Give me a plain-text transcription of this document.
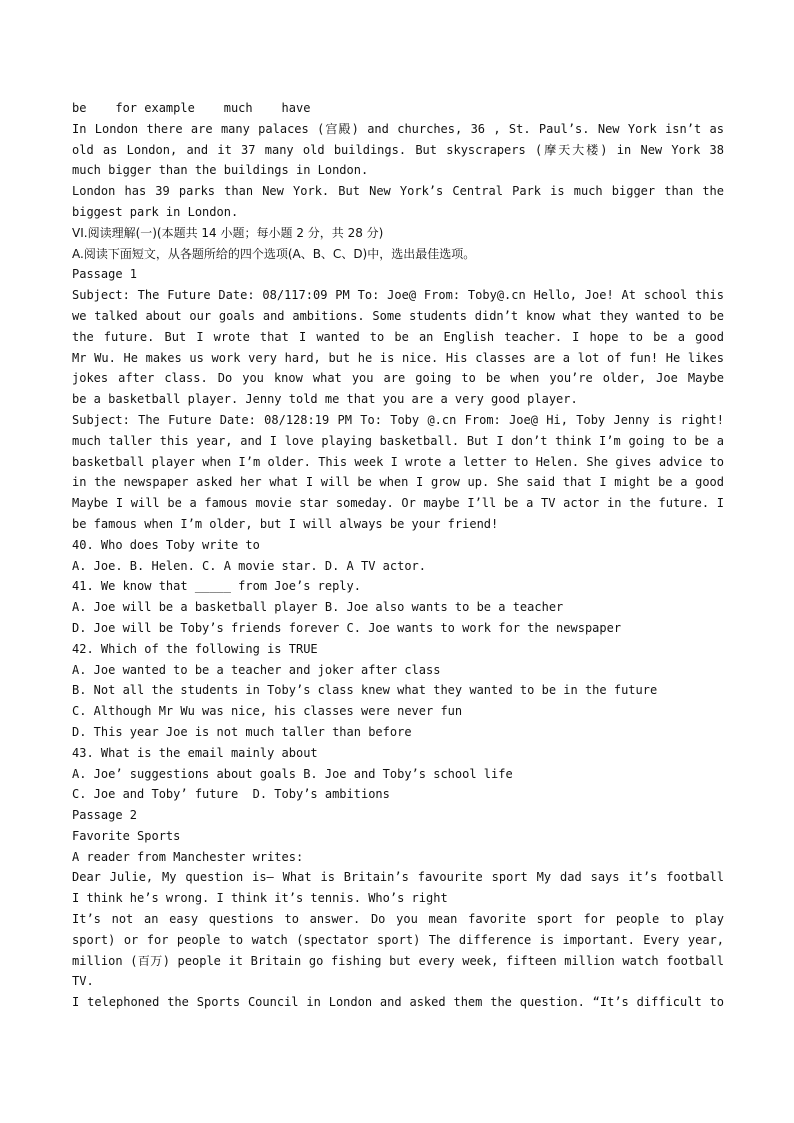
be    for example    much    have
In London there are many palaces (宫殿) and churches, 36 , St. Paul’s. New York isn’t as
old as London, and it 37 many old buildings. But skyscrapers (摩天大楼) in New York 38
much bigger than the buildings in London.
London has 39 parks than New York. But New York’s Central Park is much bigger than the
biggest park in London.
VI.阅读理解(一)(本题共 14 小题；每小题 2 分，共 28 分)
A.阅读下面短文，从各题所给的四个选项(A、B、C、D)中，选出最佳选项。
Passage 1
Subject: The Future Date: 08/117:09 PM To: Joe@ From: Toby@.cn Hello, Joe! At school this
we talked about our goals and ambitions. Some students didn’t know what they wanted to be
the future. But I wrote that I wanted to be an English teacher. I hope to be a good
Mr Wu. He makes us work very hard, but he is nice. His classes are a lot of fun! He likes
jokes after class. Do you know what you are going to be when you’re older, Joe Maybe
be a basketball player. Jenny told me that you are a very good player.
Subject: The Future Date: 08/128:19 PM To: Toby @.cn From: Joe@ Hi, Toby Jenny is right!
much taller this year, and I love playing basketball. But I don’t think I’m going to be a
basketball player when I’m older. This week I wrote a letter to Helen. She gives advice to
in the newspaper asked her what I will be when I grow up. She said that I might be a good
Maybe I will be a famous movie star someday. Or maybe I’ll be a TV actor in the future. I
be famous when I’m older, but I will always be your friend!
40. Who does Toby write to
A. Joe. B. Helen. C. A movie star. D. A TV actor.
41. We know that _____ from Joe’s reply.
A. Joe will be a basketball player B. Joe also wants to be a teacher
D. Joe will be Toby’s friends forever C. Joe wants to work for the newspaper
42. Which of the following is TRUE
A. Joe wanted to be a teacher and joker after class
B. Not all the students in Toby’s class knew what they wanted to be in the future
C. Although Mr Wu was nice, his classes were never fun
D. This year Joe is not much taller than before
43. What is the email mainly about
A. Joe’ suggestions about goals B. Joe and Toby’s school life
C. Joe and Toby’ future  D. Toby’s ambitions
Passage 2
Favorite Sports
A reader from Manchester writes:
Dear Julie, My question is— What is Britain’s favourite sport My dad says it’s football
I think he’s wrong. I think it’s tennis. Who’s right
It’s not an easy questions to answer. Do you mean favorite sport for people to play
sport) or for people to watch (spectator sport) The difference is important. Every year,
million (百万) people it Britain go fishing but every week, fifteen million watch football
TV.
I telephoned the Sports Council in London and asked them the question. “It’s difficult to
